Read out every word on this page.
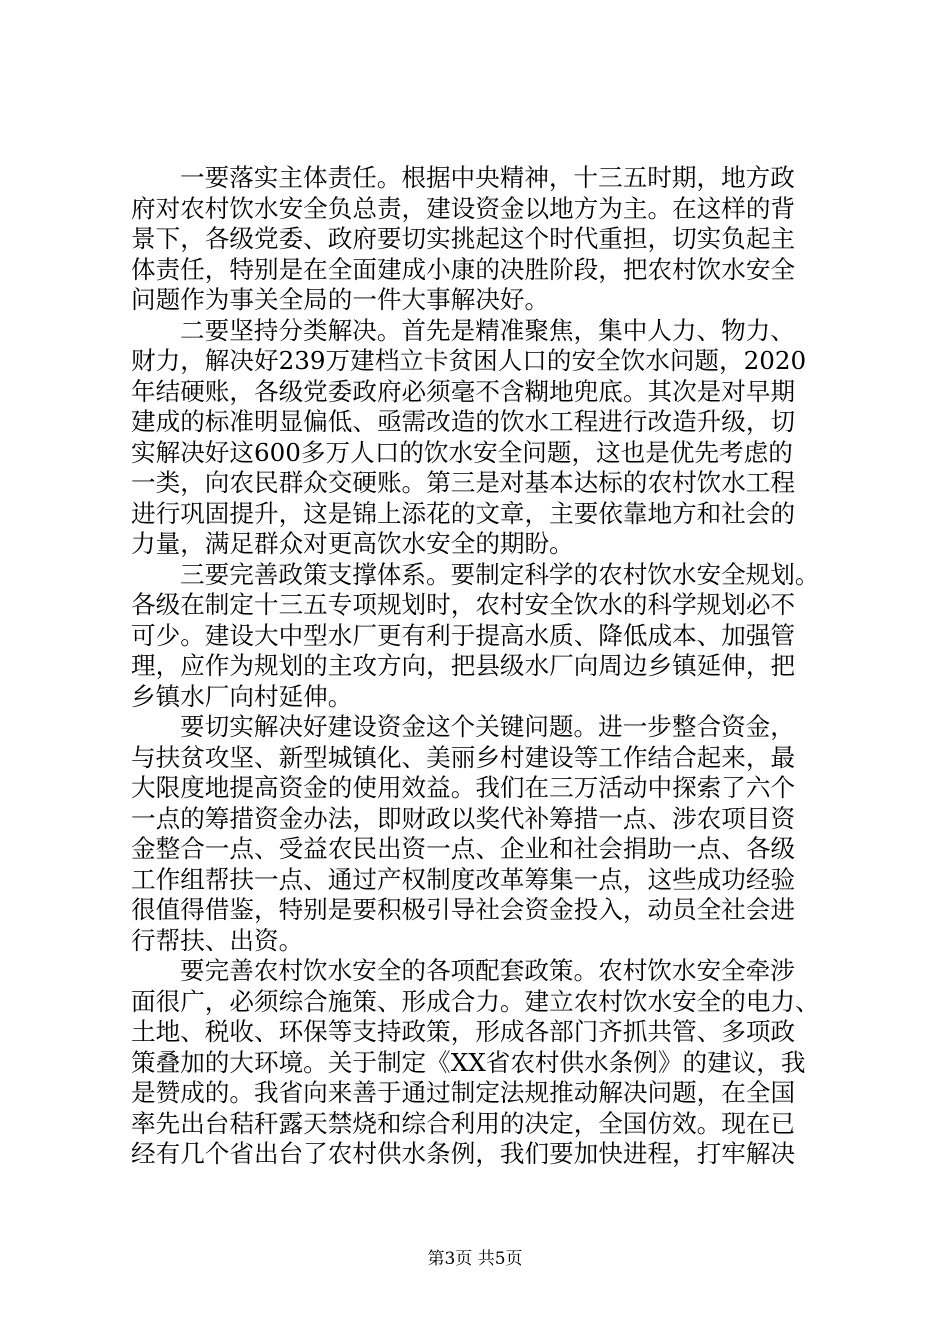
一要落实主体责任。根据中央精神，十三五时期，地方政
府对农村饮水安全负总责，建设资金以地方为主。在这样的背
景下，各级党委、政府要切实挑起这个时代重担，切实负起主
体责任，特别是在全面建成小康的决胜阶段，把农村饮水安全
问题作为事关全局的一件大事解决好。
二要坚持分类解决。首先是精准聚焦，集中人力、物力、
财力，解决好239万建档立卡贫困人口的安全饮水问题，2020
年结硬账，各级党委政府必须毫不含糊地兜底。其次是对早期
建成的标准明显偏低、亟需改造的饮水工程进行改造升级，切
实解决好这600多万人口的饮水安全问题，这也是优先考虑的
一类，向农民群众交硬账。第三是对基本达标的农村饮水工程
进行巩固提升，这是锦上添花的文章，主要依靠地方和社会的
力量，满足群众对更高饮水安全的期盼。
三要完善政策支撑体系。要制定科学的农村饮水安全规划。
各级在制定十三五专项规划时，农村安全饮水的科学规划必不
可少。建设大中型水厂更有利于提高水质、降低成本、加强管
理，应作为规划的主攻方向，把县级水厂向周边乡镇延伸，把
乡镇水厂向村延伸。
要切实解决好建设资金这个关键问题。进一步整合资金，
与扶贫攻坚、新型城镇化、美丽乡村建设等工作结合起来，最
大限度地提高资金的使用效益。我们在三万活动中探索了六个
一点的筹措资金办法，即财政以奖代补筹措一点、涉农项目资
金整合一点、受益农民出资一点、企业和社会捐助一点、各级
工作组帮扶一点、通过产权制度改革筹集一点，这些成功经验
很值得借鉴，特别是要积极引导社会资金投入，动员全社会进
行帮扶、出资。
要完善农村饮水安全的各项配套政策。农村饮水安全牵涉
面很广，必须综合施策、形成合力。建立农村饮水安全的电力、
土地、税收、环保等支持政策，形成各部门齐抓共管、多项政
策叠加的大环境。关于制定《XX省农村供水条例》的建议，我
是赞成的。我省向来善于通过制定法规推动解决问题，在全国
率先出台秸秆露天禁烧和综合利用的决定，全国仿效。现在已
经有几个省出台了农村供水条例，我们要加快进程，打牢解决
第3页 共5页
